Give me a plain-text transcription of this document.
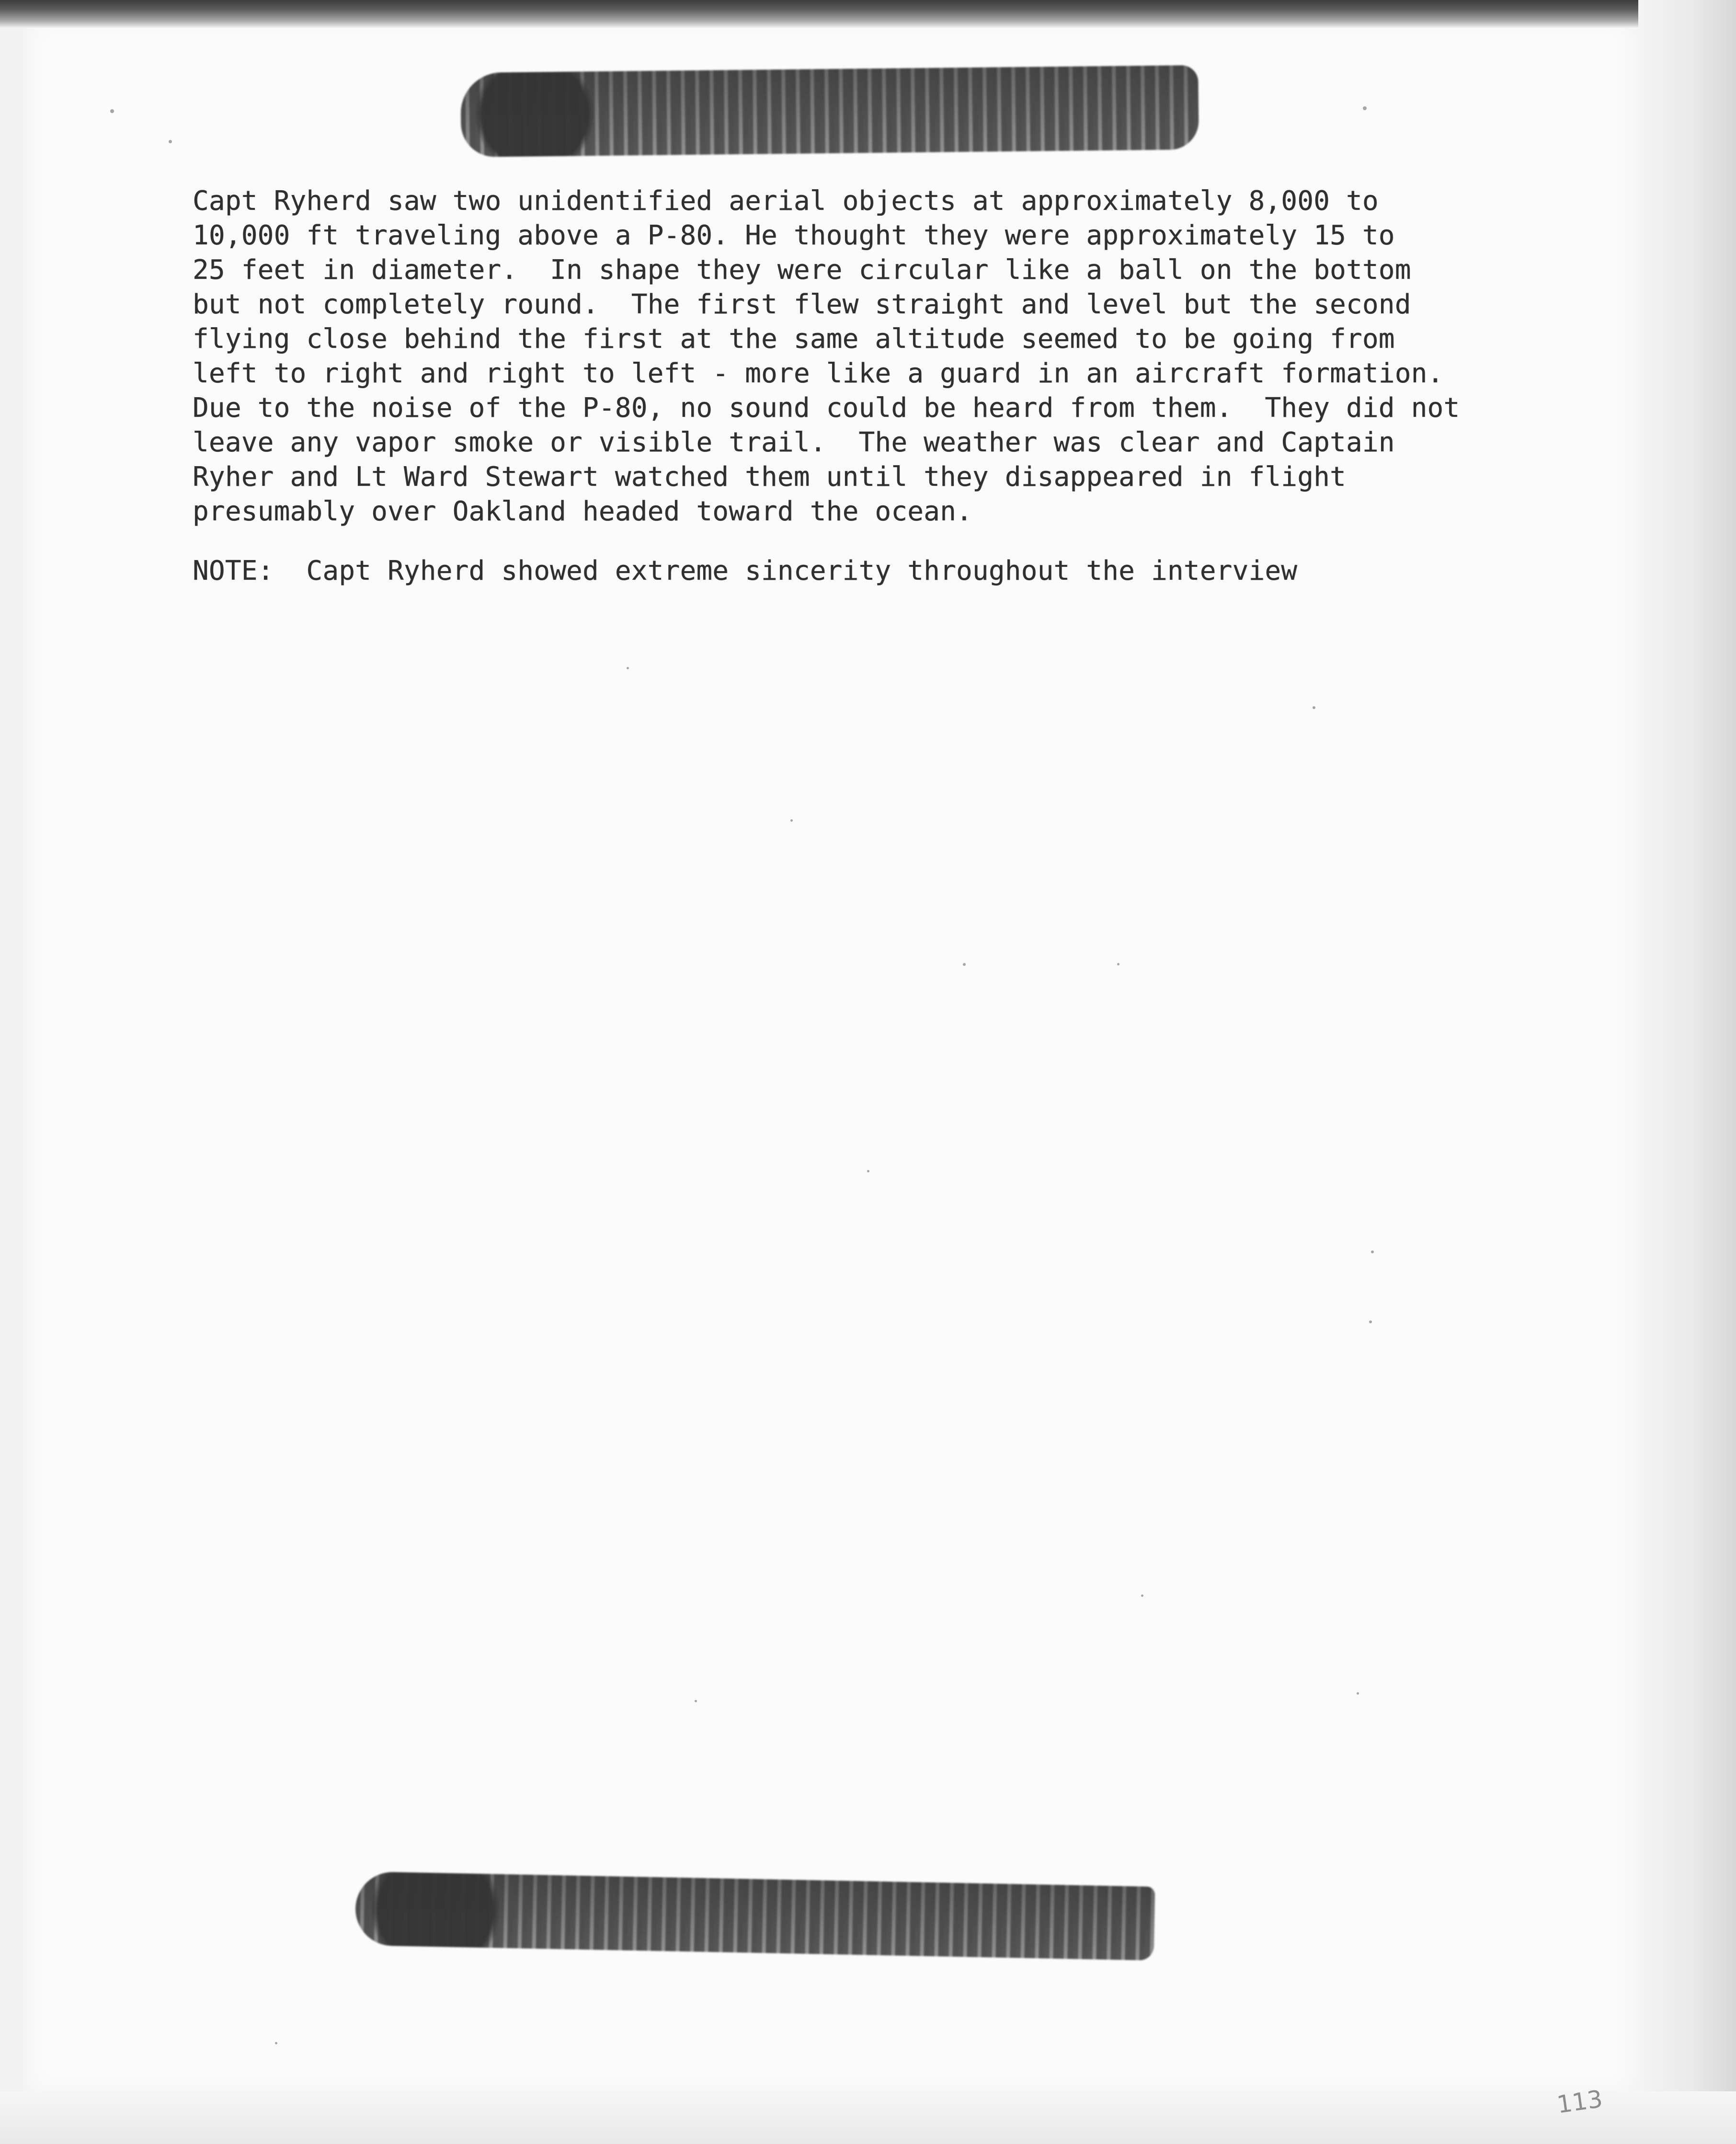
Capt Ryherd saw two unidentified aerial objects at approximately 8,000 to
10,000 ft traveling above a P-80. He thought they were approximately 15 to
25 feet in diameter.  In shape they were circular like a ball on the bottom
but not completely round.  The first flew straight and level but the second
flying close behind the first at the same altitude seemed to be going from
left to right and right to left - more like a guard in an aircraft formation.
Due to the noise of the P-80, no sound could be heard from them.  They did not
leave any vapor smoke or visible trail.  The weather was clear and Captain
Ryher and Lt Ward Stewart watched them until they disappeared in flight
presumably over Oakland headed toward the ocean.

NOTE:  Capt Ryherd showed extreme sincerity throughout the interview

113
